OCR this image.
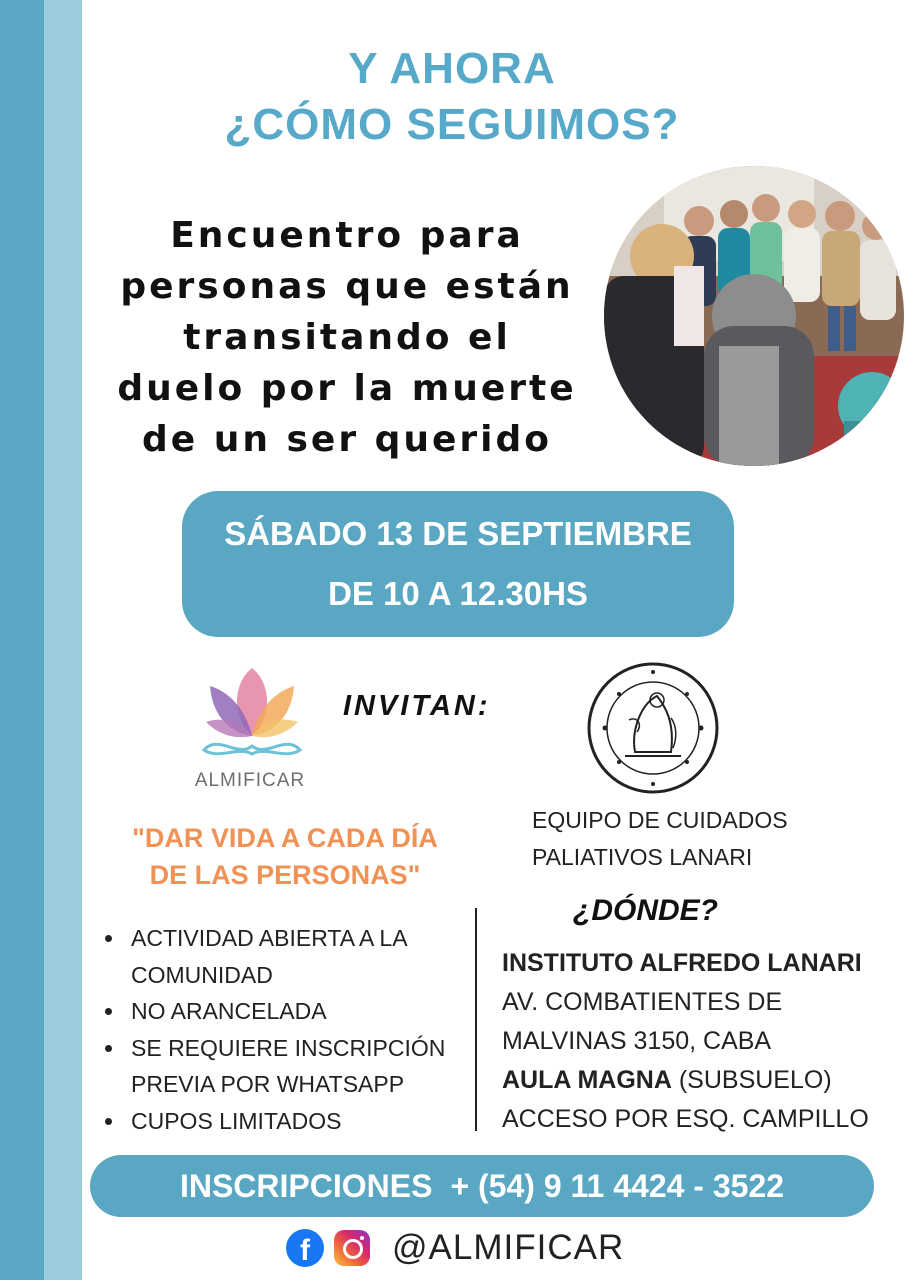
Y AHORA
¿CÓMO SEGUIMOS?

Encuentro para personas que están transitando el duelo por la muerte de un ser querido

SÁBADO 13 DE SEPTIEMBRE
DE 10 A 12.30HS
ALMIFICAR
INVITAN:
EQUIPO DE CUIDADOS
PALIATIVOS LANARI
"DAR VIDA A CADA DÍA
DE LAS PERSONAS"
ACTIVIDAD ABIERTA A LA
COMUNIDAD
NO ARANCELADA
SE REQUIERE INSCRIPCIÓN
PREVIA POR WHATSAPP
CUPOS LIMITADOS
¿DÓNDE?
INSTITUTO ALFREDO LANARI
AV. COMBATIENTES DE
MALVINAS 3150, CABA
AULA MAGNA (SUBSUELO)
ACCESO POR ESQ. CAMPILLO
INSCRIPCIONES + (54) 9 11 4424 - 3522
f	@ALMIFICAR
